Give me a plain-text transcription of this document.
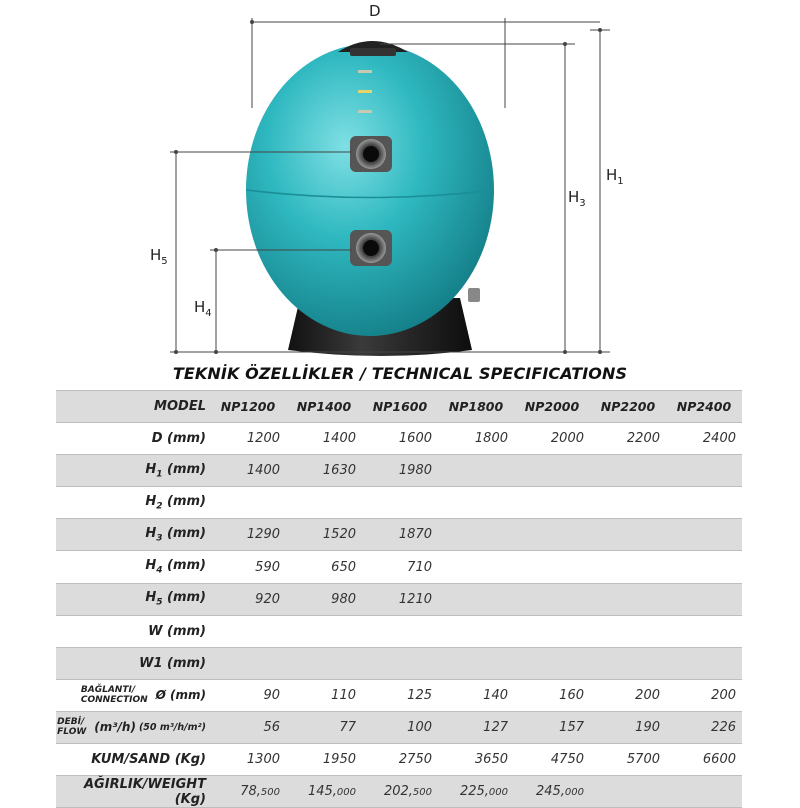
D
$H_1$
$H_3$
$H_5$
$H_4$
TEKNİK ÖZELLİKLER / TECHNICAL SPECIFICATIONS
MODEL	NP1200	NP1400	NP1600	NP1800	NP2000	NP2200	NP2400
D (mm)	1200	1400	1600	1800	2000	2200	2400
$H_1$ (mm)	1400	1630	1980				
$H_2$ (mm)							
$H_3$ (mm)	1290	1520	1870				
$H_4$ (mm)	590	650	710				
$H_5$ (mm)	920	980	1210				
W (mm)							
W1 (mm)							

BAĞLANTI/
CONNECTION Ø (mm)	90	110	125	140	160	200	200

DEBİ/
FLOW (m³/h) (50 m³/h/m²)	56	77	100	127	157	190	226
KUM/SAND (Kg)	1300	1950	2750	3650	4750	5700	6600
AĞIRLIK/WEIGHT (Kg)	78,500	145,000	202,500	225,000	245,000		
